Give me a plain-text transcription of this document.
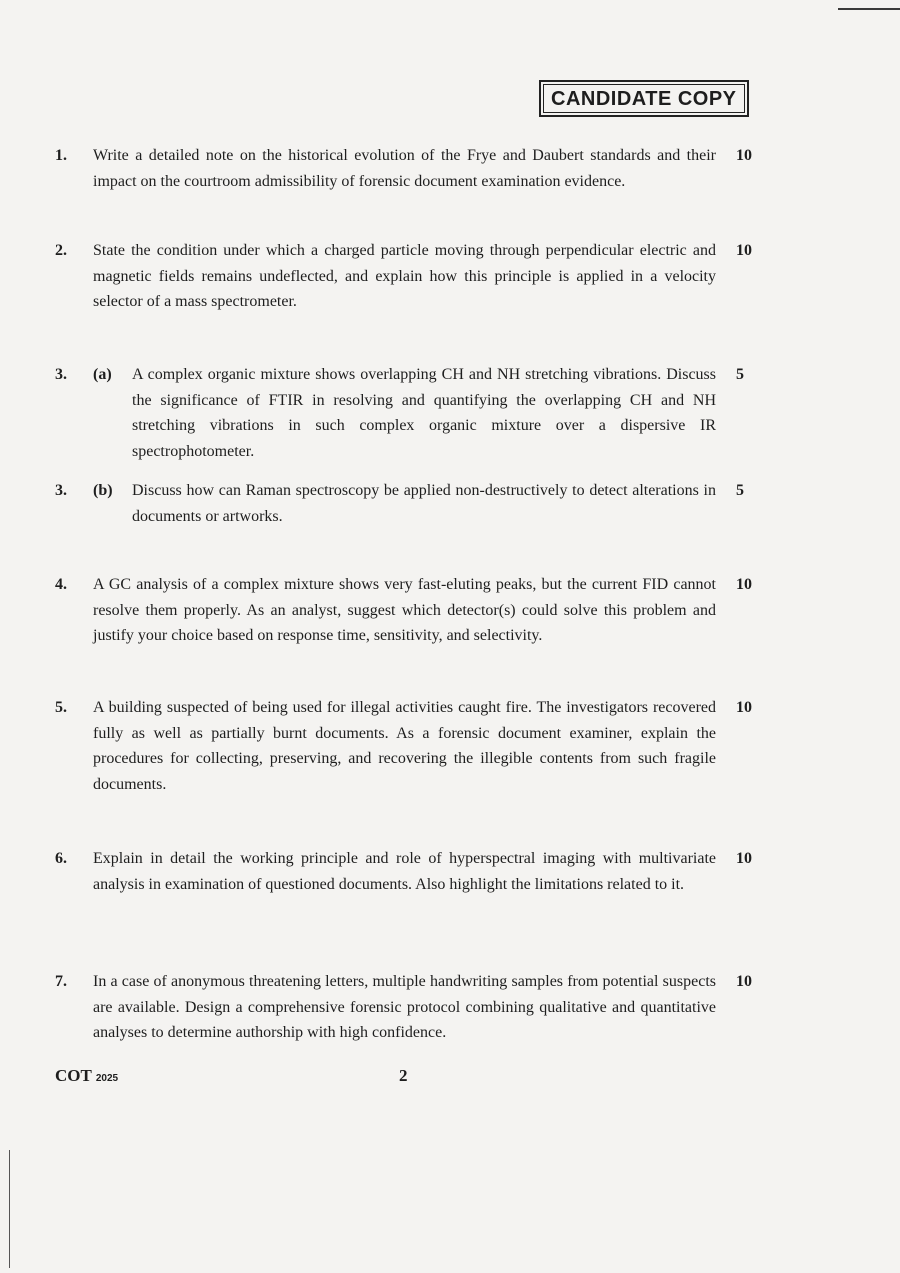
CANDIDATE COPY
1. Write a detailed note on the historical evolution of the Frye and Daubert standards and their impact on the courtroom admissibility of forensic document examination evidence.
10
2. State the condition under which a charged particle moving through perpendicular electric and magnetic fields remains undeflected, and explain how this principle is applied in a velocity selector of a mass spectrometer.
10
3. (a) A complex organic mixture shows overlapping CH and NH stretching vibrations. Discuss the significance of FTIR in resolving and quantifying the overlapping CH and NH stretching vibrations in such complex organic mixture over a dispersive IR spectrophotometer.
5
3. (b) Discuss how can Raman spectroscopy be applied non-destructively to detect alterations in documents or artworks.
5
4. A GC analysis of a complex mixture shows very fast-eluting peaks, but the current FID cannot resolve them properly. As an analyst, suggest which detector(s) could solve this problem and justify your choice based on response time, sensitivity, and selectivity.
10
5. A building suspected of being used for illegal activities caught fire. The investigators recovered fully as well as partially burnt documents. As a forensic document examiner, explain the procedures for collecting, preserving, and recovering the illegible contents from such fragile documents.
10
6. Explain in detail the working principle and role of hyperspectral imaging with multivariate analysis in examination of questioned documents. Also highlight the limitations related to it.
10
7. In a case of anonymous threatening letters, multiple handwriting samples from potential suspects are available. Design a comprehensive forensic protocol combining qualitative and quantitative analyses to determine authorship with high confidence.
10
COT 2025	2
